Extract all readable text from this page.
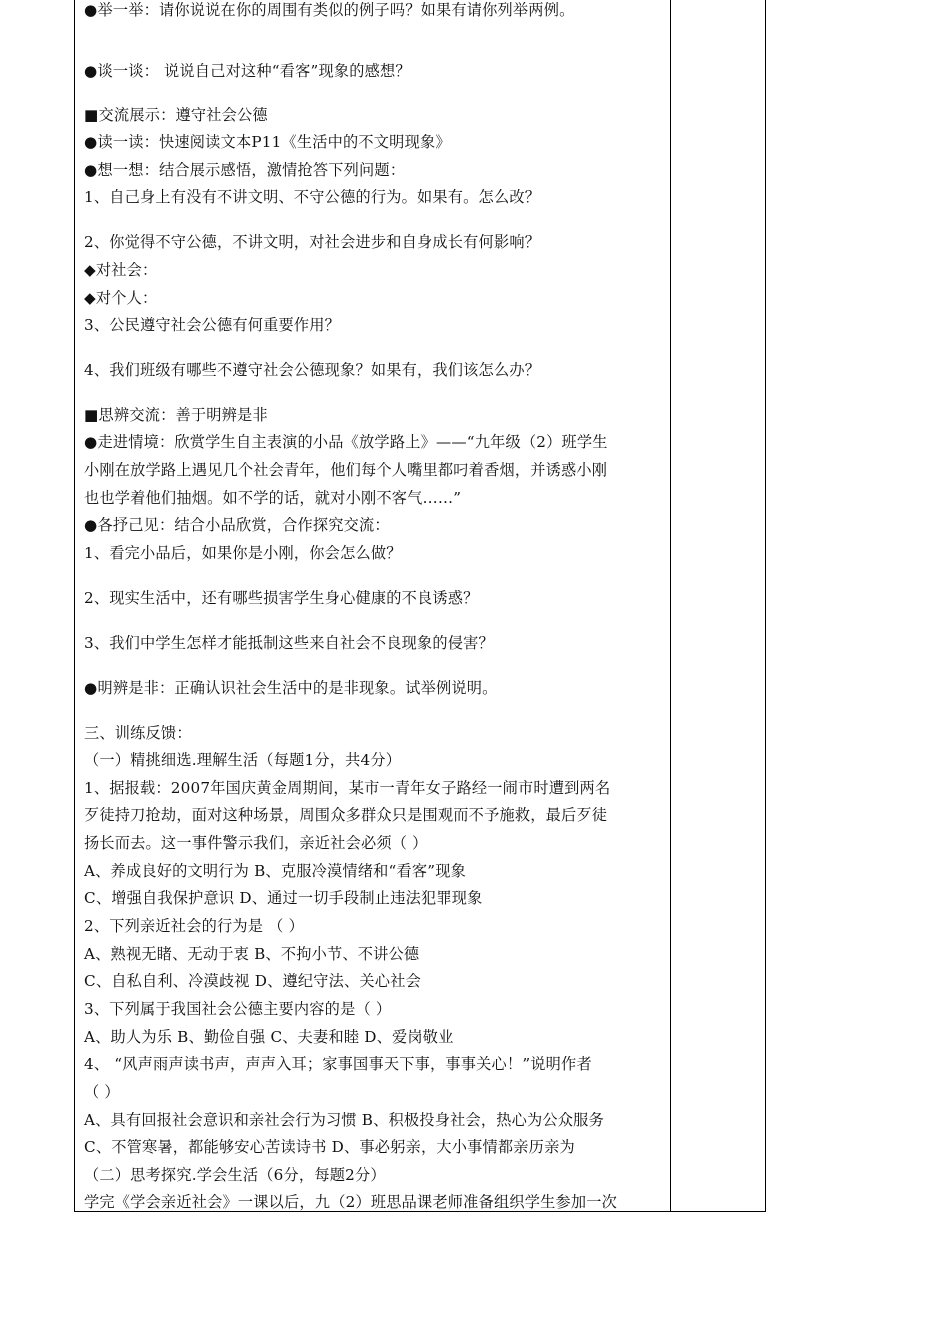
●举一举：请你说说在你的周围有类似的例子吗？如果有请你列举两例。
●谈一谈： 说说自己对这种“看客”现象的感想？
■交流展示：遵守社会公德
●读一读：快速阅读文本P11《生活中的不文明现象》
●想一想：结合展示感悟，激情抢答下列问题：
1、自己身上有没有不讲文明、不守公德的行为。如果有。怎么改？
2、你觉得不守公德，不讲文明，对社会进步和自身成长有何影响？
◆对社会：
◆对个人：
3、公民遵守社会公德有何重要作用？
4、我们班级有哪些不遵守社会公德现象？如果有，我们该怎么办？
■思辨交流：善于明辨是非
●走进情境：欣赏学生自主表演的小品《放学路上》——“九年级（2）班学生
小刚在放学路上遇见几个社会青年，他们每个人嘴里都叼着香烟，并诱惑小刚
也也学着他们抽烟。如不学的话，就对小刚不客气……”
●各抒己见：结合小品欣赏，合作探究交流：
1、看完小品后，如果你是小刚，你会怎么做？
2、现实生活中，还有哪些损害学生身心健康的不良诱惑？
3、我们中学生怎样才能抵制这些来自社会不良现象的侵害？
●明辨是非：正确认识社会生活中的是非现象。试举例说明。
三、训练反馈：
（一）精挑细选.理解生活（每题1分，共4分）
1、据报载：2007年国庆黄金周期间，某市一青年女子路经一闹市时遭到两名
歹徒持刀抢劫，面对这种场景，周围众多群众只是围观而不予施救，最后歹徒
扬长而去。这一事件警示我们，亲近社会必须（ ）
A、养成良好的文明行为 B、克服冷漠情绪和“看客”现象
C、增强自我保护意识 D、通过一切手段制止违法犯罪现象
2、下列亲近社会的行为是 （ ）
A、熟视无睹、无动于衷 B、不拘小节、不讲公德
C、自私自利、冷漠歧视 D、遵纪守法、关心社会
3、下列属于我国社会公德主要内容的是（ ）
A、助人为乐 B、勤俭自强 C、夫妻和睦 D、爱岗敬业
4、 “风声雨声读书声，声声入耳；家事国事天下事，事事关心！”说明作者
（ ）
A、具有回报社会意识和亲社会行为习惯 B、积极投身社会，热心为公众服务
C、不管寒暑，都能够安心苦读诗书 D、事必躬亲，大小事情都亲历亲为
（二）思考探究.学会生活（6分，每题2分）
学完《学会亲近社会》一课以后，九（2）班思品课老师准备组织学生参加一次
